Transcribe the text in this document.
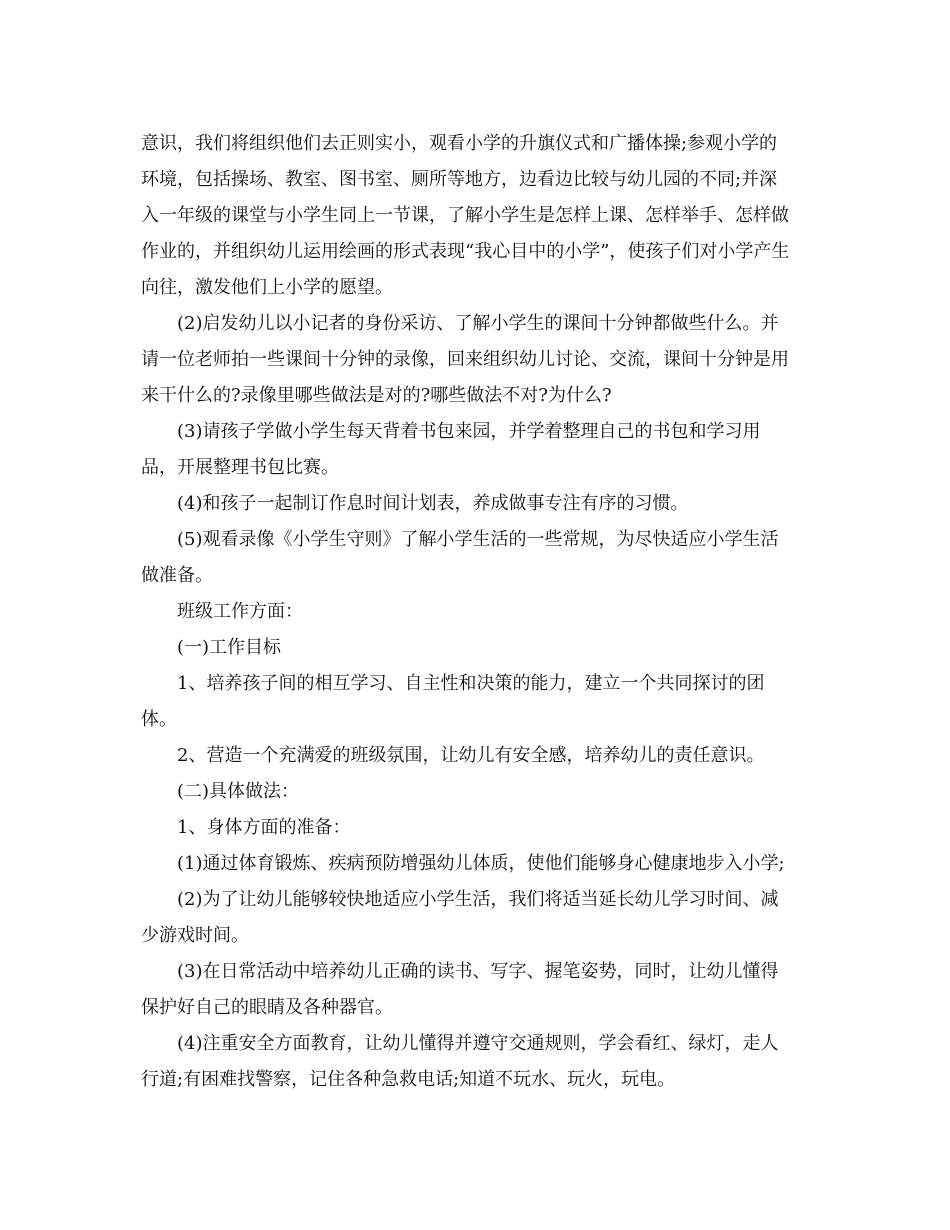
意识，我们将组织他们去正则实小，观看小学的升旗仪式和广播体操;参观小学的
环境，包括操场、教室、图书室、厕所等地方，边看边比较与幼儿园的不同;并深
入一年级的课堂与小学生同上一节课，了解小学生是怎样上课、怎样举手、怎样做
作业的，并组织幼儿运用绘画的形式表现“我心目中的小学”，使孩子们对小学产生
向往，激发他们上小学的愿望。
(2)启发幼儿以小记者的身份采访、了解小学生的课间十分钟都做些什么。并
请一位老师拍一些课间十分钟的录像，回来组织幼儿讨论、交流，课间十分钟是用
来干什么的?录像里哪些做法是对的?哪些做法不对?为什么?
(3)请孩子学做小学生每天背着书包来园，并学着整理自己的书包和学习用
品，开展整理书包比赛。
(4)和孩子一起制订作息时间计划表，养成做事专注有序的习惯。
(5)观看录像《小学生守则》了解小学生活的一些常规，为尽快适应小学生活
做准备。
班级工作方面：
(一)工作目标
1、培养孩子间的相互学习、自主性和决策的能力，建立一个共同探讨的团
体。
2、营造一个充满爱的班级氛围，让幼儿有安全感，培养幼儿的责任意识。
(二)具体做法：
1、身体方面的准备：
(1)通过体育锻炼、疾病预防增强幼儿体质，使他们能够身心健康地步入小学;
(2)为了让幼儿能够较快地适应小学生活，我们将适当延长幼儿学习时间、减
少游戏时间。
(3)在日常活动中培养幼儿正确的读书、写字、握笔姿势，同时，让幼儿懂得
保护好自己的眼睛及各种器官。
(4)注重安全方面教育，让幼儿懂得并遵守交通规则，学会看红、绿灯，走人
行道;有困难找警察，记住各种急救电话;知道不玩水、玩火，玩电。
